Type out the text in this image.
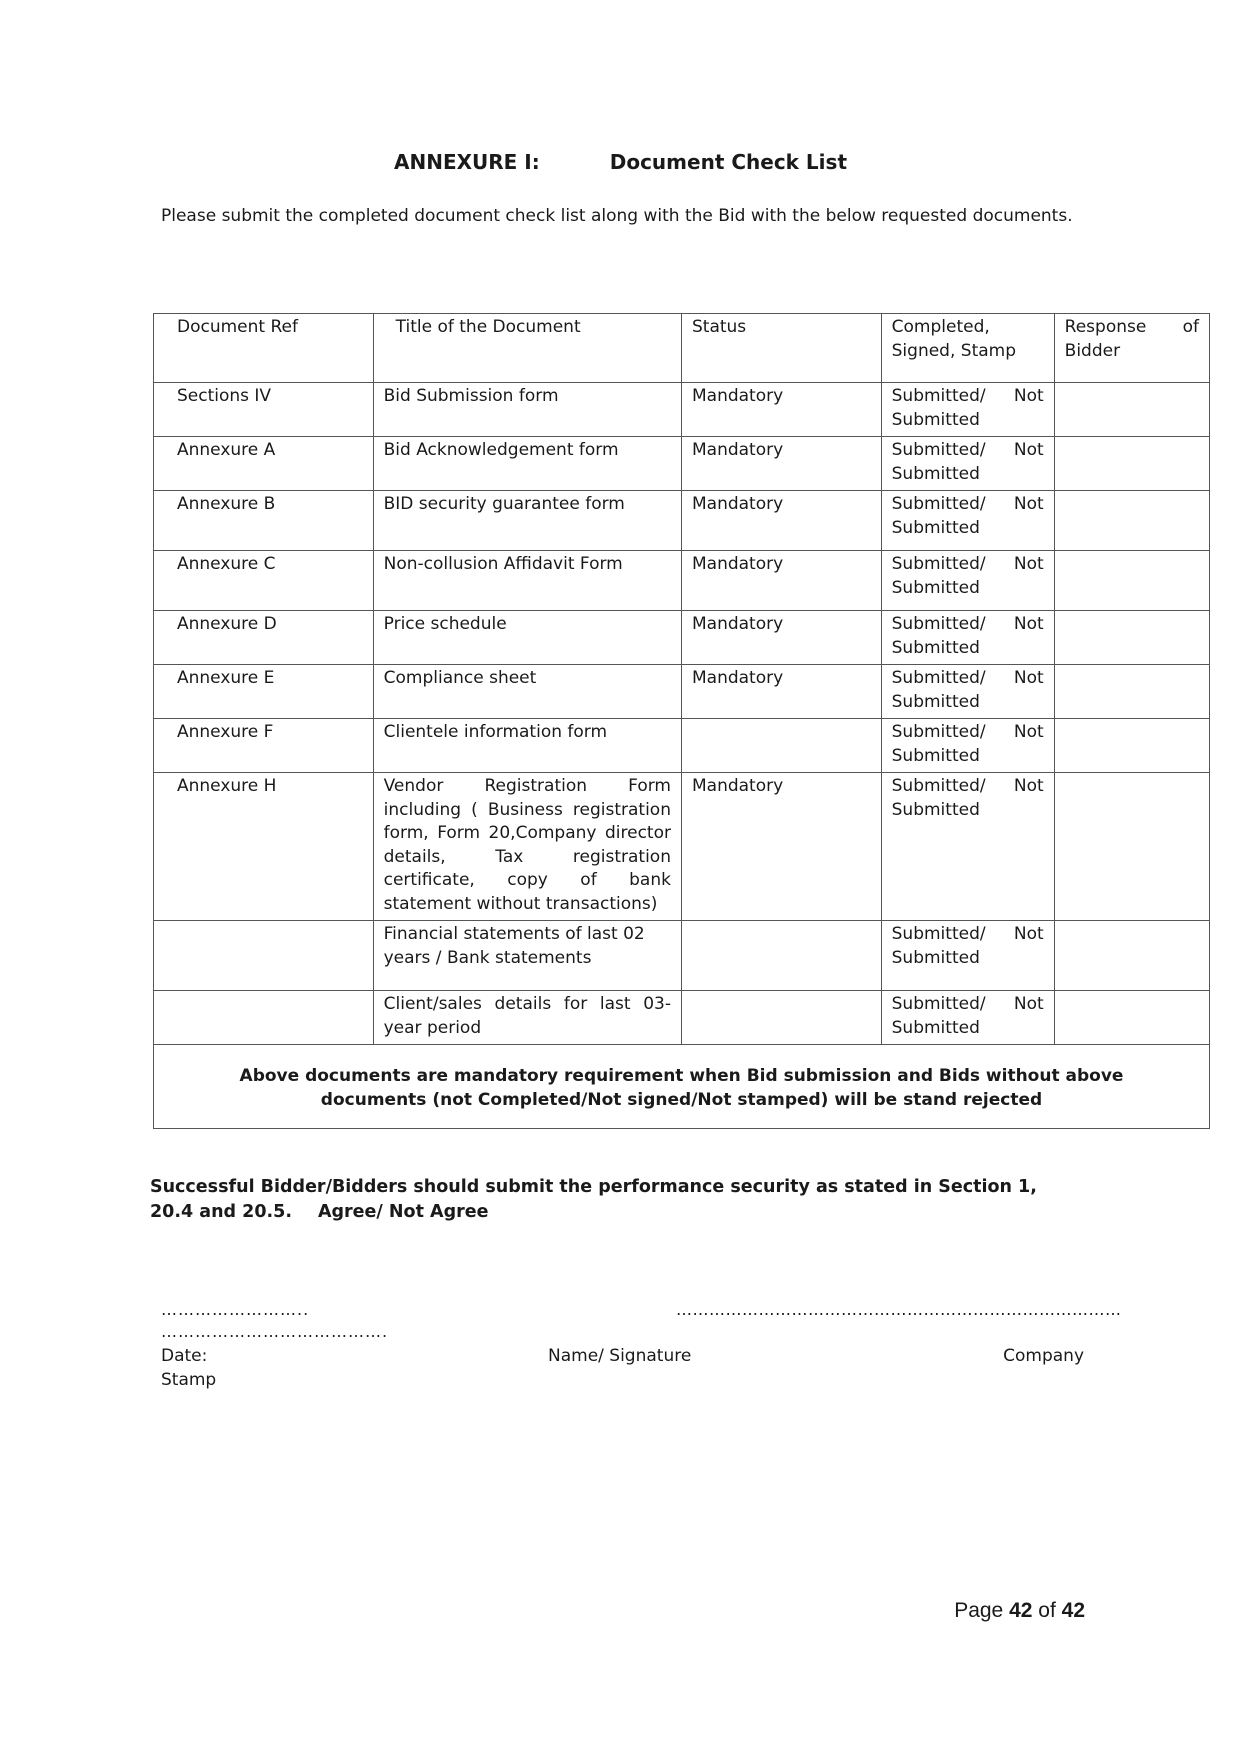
ANNEXURE I:	Document Check List
Please submit the completed document check list along with the Bid with the below requested documents.
Document Ref	Title of the Document	Status	Completed, Signed, Stamp	Response of Bidder
Sections IV	Bid Submission form	Mandatory	Submitted/ Not Submitted	
Annexure A	Bid Acknowledgement form	Mandatory	Submitted/ Not Submitted	
Annexure B	BID security guarantee form	Mandatory	Submitted/ Not Submitted	
Annexure C	Non-collusion Affidavit Form	Mandatory	Submitted/ Not Submitted	
Annexure D	Price schedule	Mandatory	Submitted/ Not Submitted	
Annexure E	Compliance sheet	Mandatory	Submitted/ Not Submitted	
Annexure F	Clientele information form		Submitted/ Not Submitted	
Annexure H	Vendor Registration Form including ( Business registration form, Form 20,Company director details, Tax registration certificate, copy of bank statement without transactions)	Mandatory	Submitted/ Not Submitted	
	Financial statements of last 02 years / Bank statements		Submitted/ Not Submitted	
	Client/sales details for last 03-year period		Submitted/ Not Submitted	
Above documents are mandatory requirement when Bid submission and Bids without above documents (not Completed/Not signed/Not stamped) will be stand rejected				
Successful Bidder/Bidders should submit the performance security as stated in Section 1, 20.4 and 20.5. Agree/ Not Agree
……………………..	………………………………………………………………………
………………………………….
Date:	Name/ Signature	Company
Stamp
Page 42 of 42
